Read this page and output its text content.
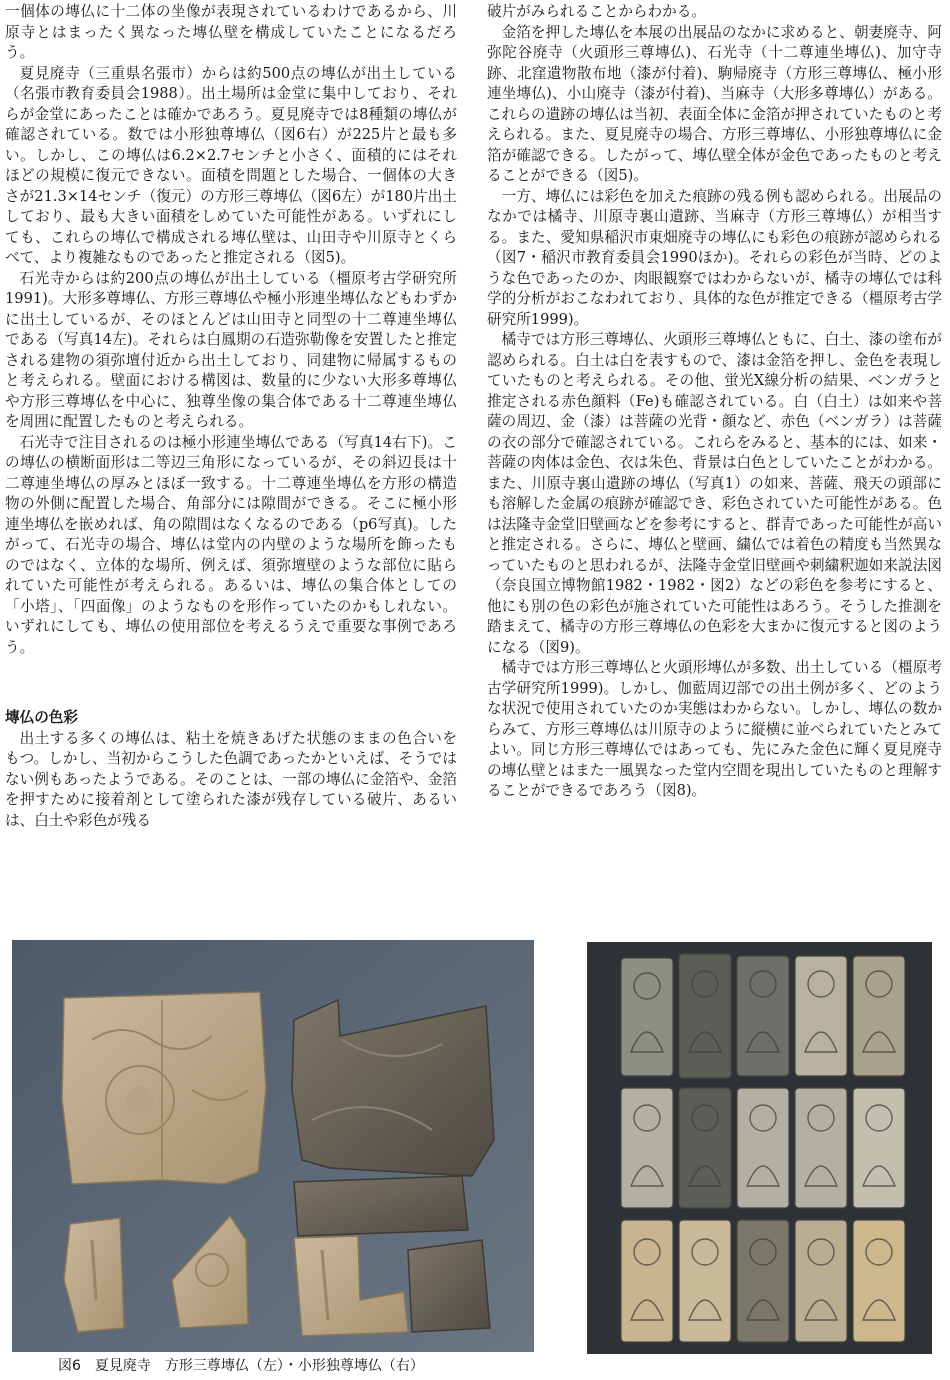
一個体の塼仏に十二体の坐像が表現されているわけであるから、川原寺とはまったく異なった塼仏壁を構成していたことになるだろう。

夏見廃寺（三重県名張市）からは約500点の塼仏が出土している（名張市教育委員会1988）。出土場所は金堂に集中しており、それらが金堂にあったことは確かであろう。夏見廃寺では8種類の塼仏が確認されている。数では小形独尊塼仏（図6右）が225片と最も多い。しかし、この塼仏は6.2×2.7センチと小さく、面積的にはそれほどの規模に復元できない。面積を問題とした場合、一個体の大きさが21.3×14センチ（復元）の方形三尊塼仏（図6左）が180片出土しており、最も大きい面積をしめていた可能性がある。いずれにしても、これらの塼仏で構成される塼仏壁は、山田寺や川原寺とくらべて、より複雑なものであったと推定される（図5)。

石光寺からは約200点の塼仏が出土している（橿原考古学研究所1991)。大形多尊塼仏、方形三尊塼仏や極小形連坐塼仏などもわずかに出土しているが、そのほとんどは山田寺と同型の十二尊連坐塼仏である（写真14左)。それらは白鳳期の石造弥勒像を安置したと推定される建物の須弥壇付近から出土しており、同建物に帰属するものと考えられる。壁面における構図は、数量的に少ない大形多尊塼仏や方形三尊塼仏を中心に、独尊坐像の集合体である十二尊連坐塼仏を周囲に配置したものと考えられる。

石光寺で注目されるのは極小形連坐塼仏である（写真14右下)。この塼仏の横断面形は二等辺三角形になっているが、その斜辺長は十二尊連坐塼仏の厚みとほぼ一致する。十二尊連坐塼仏を方形の構造物の外側に配置した場合、角部分には隙間ができる。そこに極小形連坐塼仏を嵌めれば、角の隙間はなくなるのである（p6写真)。したがって、石光寺の場合、塼仏は堂内の内壁のような場所を飾ったものではなく、立体的な場所、例えば、須弥壇壁のような部位に貼られていた可能性が考えられる。あるいは、塼仏の集合体としての「小塔」、「四面像」のようなものを形作っていたのかもしれない。いずれにしても、塼仏の使用部位を考えるうえで重要な事例であろう。

塼仏の色彩

出土する多くの塼仏は、粘土を焼きあげた状態のままの色合いをもつ。しかし、当初からこうした色調であったかといえば、そうではない例もあったようである。そのことは、一部の塼仏に金箔や、金箔を押すために接着剤として塗られた漆が残存している破片、あるいは、白土や彩色が残る

破片がみられることからわかる。

金箔を押した塼仏を本展の出展品のなかに求めると、朝妻廃寺、阿弥陀谷廃寺（火頭形三尊塼仏)、石光寺（十二尊連坐塼仏)、加守寺跡、北窪遺物散布地（漆が付着)、駒帰廃寺（方形三尊塼仏、極小形連坐塼仏)、小山廃寺（漆が付着)、当麻寺（大形多尊塼仏）がある。これらの遺跡の塼仏は当初、表面全体に金箔が押されていたものと考えられる。また、夏見廃寺の場合、方形三尊塼仏、小形独尊塼仏に金箔が確認できる。したがって、塼仏壁全体が金色であったものと考えることができる（図5)。

一方、塼仏には彩色を加えた痕跡の残る例も認められる。出展品のなかでは橘寺、川原寺裏山遺跡、当麻寺（方形三尊塼仏）が相当する。また、愛知県稲沢市東畑廃寺の塼仏にも彩色の痕跡が認められる（図7・稲沢市教育委員会1990ほか)。それらの彩色が当時、どのような色であったのか、肉眼観察ではわからないが、橘寺の塼仏では科学的分析がおこなわれており、具体的な色が推定できる（橿原考古学研究所1999)。

橘寺では方形三尊塼仏、火頭形三尊塼仏ともに、白土、漆の塗布が認められる。白土は白を表すもので、漆は金箔を押し、金色を表現していたものと考えられる。その他、蛍光X線分析の結果、ベンガラと推定される赤色顔料（Fe)も確認されている。白（白土）は如来や菩薩の周辺、金（漆）は菩薩の光背・顔など、赤色（ベンガラ）は菩薩の衣の部分で確認されている。これらをみると、基本的には、如来・菩薩の肉体は金色、衣は朱色、背景は白色としていたことがわかる。また、川原寺裏山遺跡の塼仏（写真1）の如来、菩薩、飛天の頭部にも溶解した金属の痕跡が確認でき、彩色されていた可能性がある。色は法隆寺金堂旧壁画などを参考にすると、群青であった可能性が高いと推定される。さらに、塼仏と壁画、繍仏では着色の精度も当然異なっていたものと思われるが、法隆寺金堂旧壁画や刺繍釈迦如来説法図（奈良国立博物館1982・1982・図2）などの彩色を参考にすると、他にも別の色の彩色が施されていた可能性はあろう。そうした推測を踏まえて、橘寺の方形三尊塼仏の色彩を大まかに復元すると図のようになる（図9)。

橘寺では方形三尊塼仏と火頭形塼仏が多数、出土している（橿原考古学研究所1999)。しかし、伽藍周辺部での出土例が多く、どのような状況で使用されていたのか実態はわからない。しかし、塼仏の数からみて、方形三尊塼仏は川原寺のように縦横に並べられていたとみてよい。同じ方形三尊塼仏ではあっても、先にみた金色に輝く夏見廃寺の塼仏壁とはまた一風異なった堂内空間を現出していたものと理解することができるであろう（図8)。

図6　夏見廃寺　方形三尊塼仏（左）・小形独尊塼仏（右）
